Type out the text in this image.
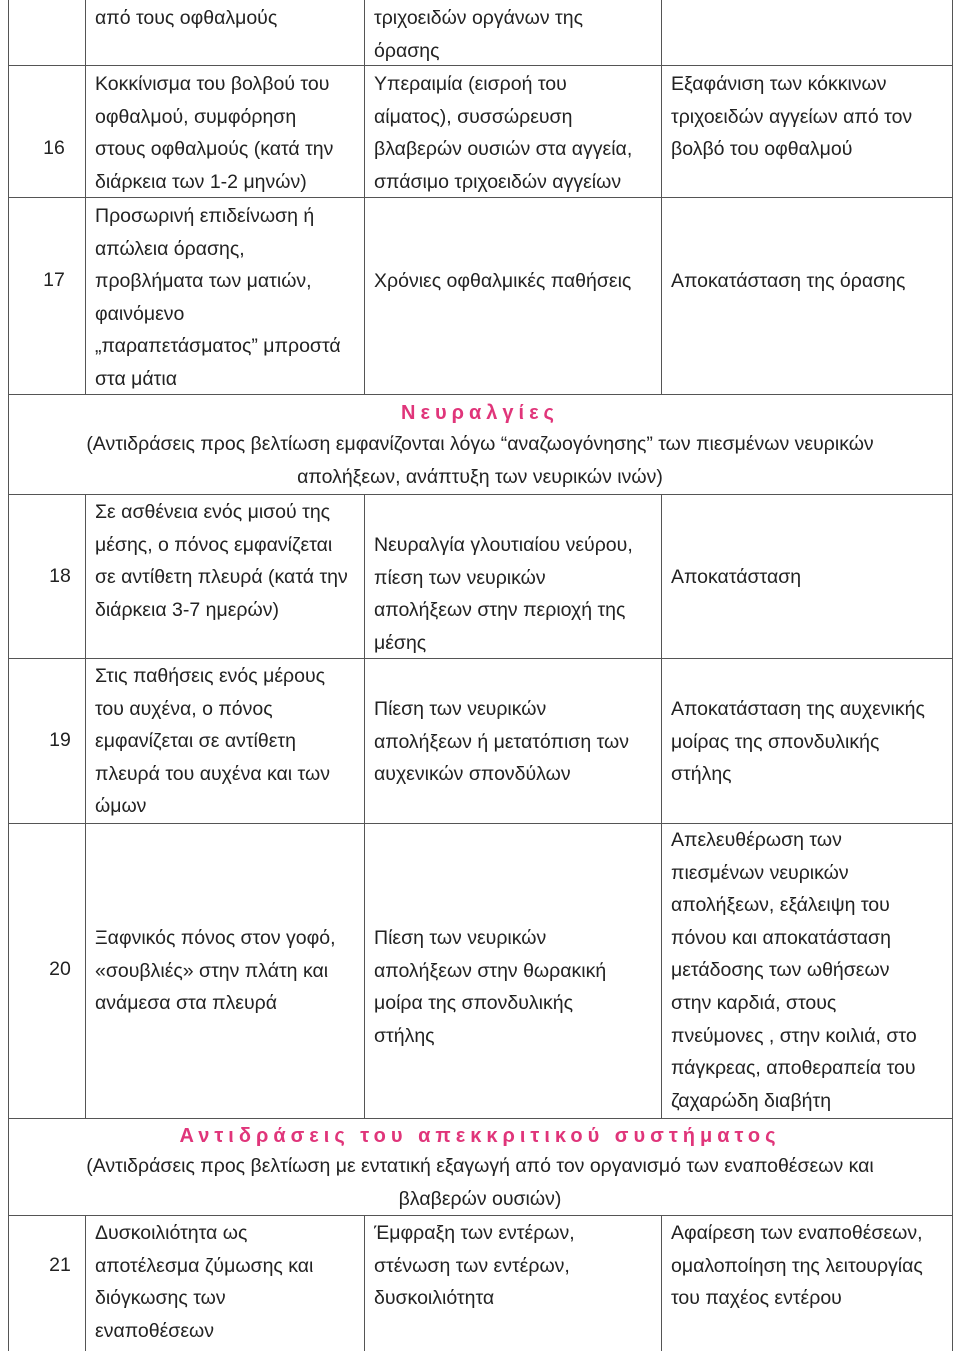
από τους οφθαλμούς	τριχοειδών οργάνων της
όρασης
16
Κοκκίνισμα του βολβού του
οφθαλμού, συμφόρηση
στους οφθαλμούς (κατά την
διάρκεια των 1-2 μηνών)
Υπεραιμία (εισροή του
αίματος), συσσώρευση
βλαβερών ουσιών στα αγγεία,
σπάσιμο τριχοειδών αγγείων
Εξαφάνιση των κόκκινων
τριχοειδών αγγείων από τον
βολβό του οφθαλμού
17
Προσωρινή επιδείνωση ή
απώλεια όρασης,
προβλήματα των ματιών,
φαινόμενο
„παραπετάσματος” μπροστά
στα μάτια
Χρόνιες οφθαλμικές παθήσεις	Αποκατάσταση της όρασης
Νευραλγίες
(Αντιδράσεις προς βελτίωση εμφανίζονται λόγω “αναζωογόνησης” των πιεσμένων νευρικών
απολήξεων, ανάπτυξη των νευρικών ινών)
18
Σε ασθένεια ενός μισού της
μέσης, ο πόνος εμφανίζεται
σε αντίθετη πλευρά (κατά την
διάρκεια 3-7 ημερών)
Νευραλγία γλουτιαίου νεύρου,
πίεση των νευρικών
απολήξεων στην περιοχή της
μέσης
Αποκατάσταση
19
Στις παθήσεις ενός μέρους
του αυχένα, ο πόνος
εμφανίζεται σε αντίθετη
πλευρά του αυχένα και των
ώμων
Πίεση των νευρικών
απολήξεων ή μετατόπιση των
αυχενικών σπονδύλων
Αποκατάσταση της αυχενικής
μοίρας της σπονδυλικής
στήλης
20
Ξαφνικός πόνος στον γοφό,
«σουβλιές» στην πλάτη και
ανάμεσα στα πλευρά
Πίεση των νευρικών
απολήξεων στην θωρακική
μοίρα της σπονδυλικής
στήλης
Απελευθέρωση των
πιεσμένων νευρικών
απολήξεων, εξάλειψη του
πόνου και αποκατάσταση
μετάδοσης των ωθήσεων
στην καρδιά, στους
πνεύμονες , στην κοιλιά, στο
πάγκρεας, αποθεραπεία του
ζαχαρώδη διαβήτη
Αντιδράσεις του απεκκριτικού συστήματος
(Αντιδράσεις προς βελτίωση με εντατική εξαγωγή από τον οργανισμό των εναποθέσεων και
βλαβερών ουσιών)
21
Δυσκοιλιότητα ως
αποτέλεσμα ζύμωσης και
διόγκωσης των
εναποθέσεων
Έμφραξη των εντέρων,
στένωση των εντέρων,
δυσκοιλιότητα
Αφαίρεση των εναποθέσεων,
ομαλοποίηση της λειτουργίας
του παχέος εντέρου
